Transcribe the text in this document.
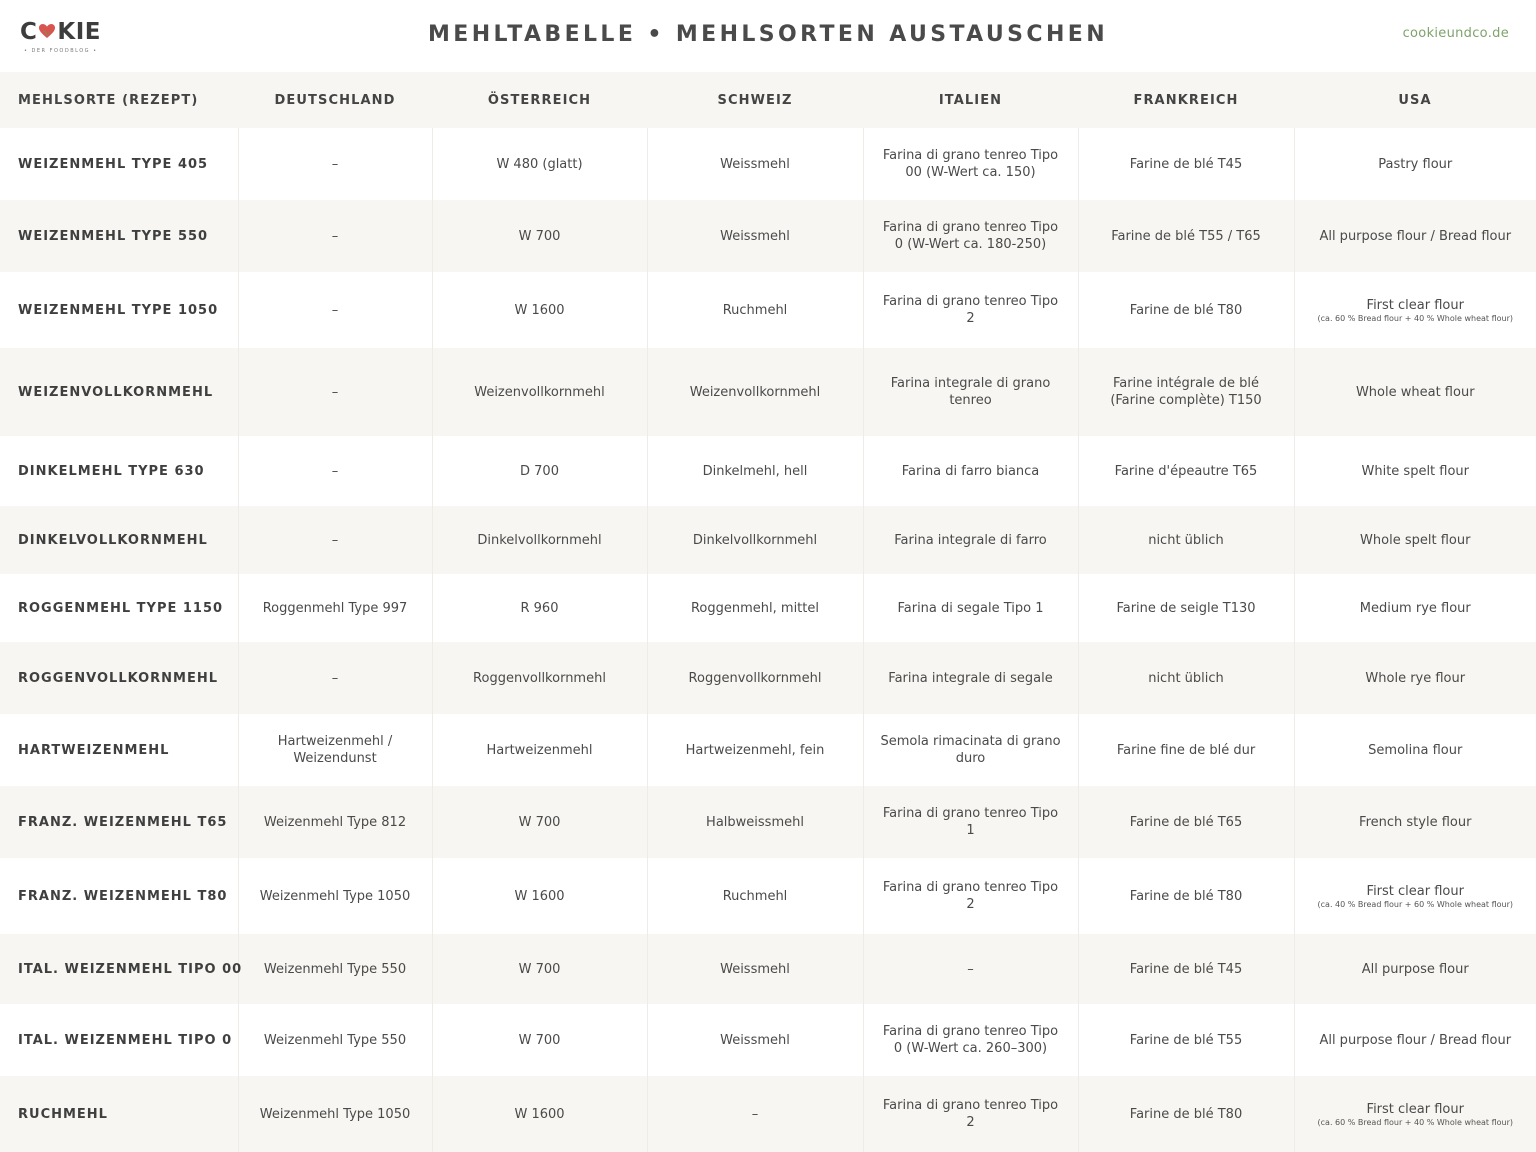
C KIE
• DER FOODBLOG •
MEHLTABELLE • MEHLSORTEN AUSTAUSCHEN	cookieundco.de
MEHLSORTE (REZEPT)	DEUTSCHLAND	ÖSTERREICH	SCHWEIZ	ITALIEN	FRANKREICH	USA
WEIZENMEHL TYPE 405	–	W 480 (glatt)	Weissmehl	Farina di grano tenreo Tipo 00 (W-Wert ca. 150)	Farine de blé T45	Pastry flour
WEIZENMEHL TYPE 550	–	W 700	Weissmehl	Farina di grano tenreo Tipo 0 (W-Wert ca. 180-250)	Farine de blé T55 / T65	All purpose flour / Bread flour
WEIZENMEHL TYPE 1050	–	W 1600	Ruchmehl	Farina di grano tenreo Tipo 2	Farine de blé T80	First clear flour
(ca. 60 % Bread flour + 40 % Whole wheat flour)

WEIZENVOLLKORNMEHL	–	Weizenvollkornmehl	Weizenvollkornmehl	Farina integrale di grano tenreo	Farine intégrale de blé (Farine complète) T150	Whole wheat flour
DINKELMEHL TYPE 630	–	D 700	Dinkelmehl, hell	Farina di farro bianca	Farine d'épeautre T65	White spelt flour
DINKELVOLLKORNMEHL	–	Dinkelvollkornmehl	Dinkelvollkornmehl	Farina integrale di farro	nicht üblich	Whole spelt flour
ROGGENMEHL TYPE 1150	Roggenmehl Type 997	R 960	Roggenmehl, mittel	Farina di segale Tipo 1	Farine de seigle T130	Medium rye flour
ROGGENVOLLKORNMEHL	–	Roggenvollkornmehl	Roggenvollkornmehl	Farina integrale di segale	nicht üblich	Whole rye flour
HARTWEIZENMEHL	Hartweizenmehl / Weizendunst	Hartweizenmehl	Hartweizenmehl, fein	Semola rimacinata di grano duro	Farine fine de blé dur	Semolina flour
FRANZ. WEIZENMEHL T65	Weizenmehl Type 812	W 700	Halbweissmehl	Farina di grano tenreo Tipo 1	Farine de blé T65	French style flour
FRANZ. WEIZENMEHL T80	Weizenmehl Type 1050	W 1600	Ruchmehl	Farina di grano tenreo Tipo 2	Farine de blé T80	First clear flour
(ca. 40 % Bread flour + 60 % Whole wheat flour)

ITAL. WEIZENMEHL TIPO 00	Weizenmehl Type 550	W 700	Weissmehl	–	Farine de blé T45	All purpose flour
ITAL. WEIZENMEHL TIPO 0	Weizenmehl Type 550	W 700	Weissmehl	Farina di grano tenreo Tipo 0 (W-Wert ca. 260–300)	Farine de blé T55	All purpose flour / Bread flour
RUCHMEHL	Weizenmehl Type 1050	W 1600	–	Farina di grano tenreo Tipo 2	Farine de blé T80	First clear flour
(ca. 60 % Bread flour + 40 % Whole wheat flour)
